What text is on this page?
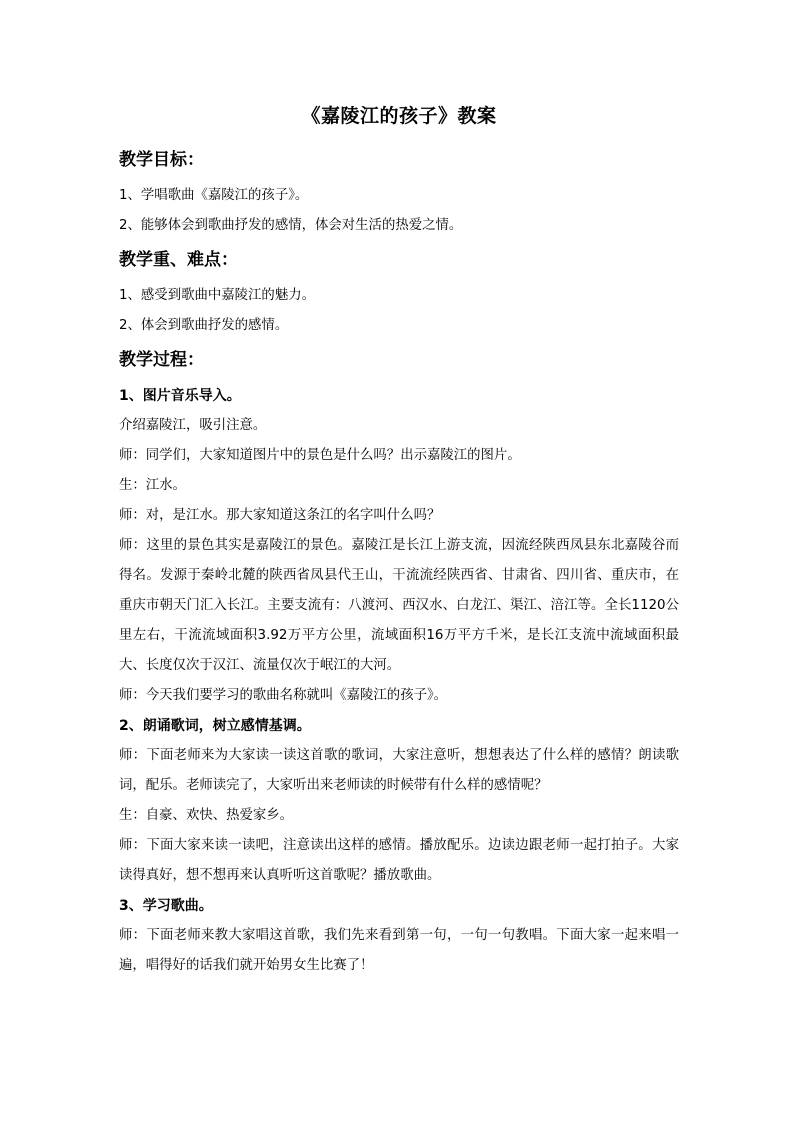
《嘉陵江的孩子》教案
教学目标：

1、学唱歌曲《嘉陵江的孩子》。

2、能够体会到歌曲抒发的感情，体会对生活的热爱之情。

教学重、难点：

1、感受到歌曲中嘉陵江的魅力。

2、体会到歌曲抒发的感情。

教学过程：
1、图片音乐导入。

介绍嘉陵江，吸引注意。

师：同学们，大家知道图片中的景色是什么吗？出示嘉陵江的图片。

生：江水。

师：对，是江水。那大家知道这条江的名字叫什么吗？

师：这里的景色其实是嘉陵江的景色。嘉陵江是长江上游支流，因流经陕西凤县东北嘉陵谷而得名。发源于秦岭北麓的陕西省凤县代王山，干流流经陕西省、甘肃省、四川省、重庆市，在重庆市朝天门汇入长江。主要支流有：八渡河、西汉水、白龙江、渠江、涪江等。全长1120公里左右，干流流域面积3.92万平方公里，流域面积16万平方千米，是长江支流中流域面积最大、长度仅次于汉江、流量仅次于岷江的大河。

师：今天我们要学习的歌曲名称就叫《嘉陵江的孩子》。

2、朗诵歌词，树立感情基调。

师：下面老师来为大家读一读这首歌的歌词，大家注意听，想想表达了什么样的感情？朗读歌词，配乐。老师读完了，大家听出来老师读的时候带有什么样的感情呢？

生：自豪、欢快、热爱家乡。

师：下面大家来读一读吧，注意读出这样的感情。播放配乐。边读边跟老师一起打拍子。大家读得真好，想不想再来认真听听这首歌呢？播放歌曲。

3、学习歌曲。

师：下面老师来教大家唱这首歌，我们先来看到第一句，一句一句教唱。下面大家一起来唱一遍，唱得好的话我们就开始男女生比赛了！
